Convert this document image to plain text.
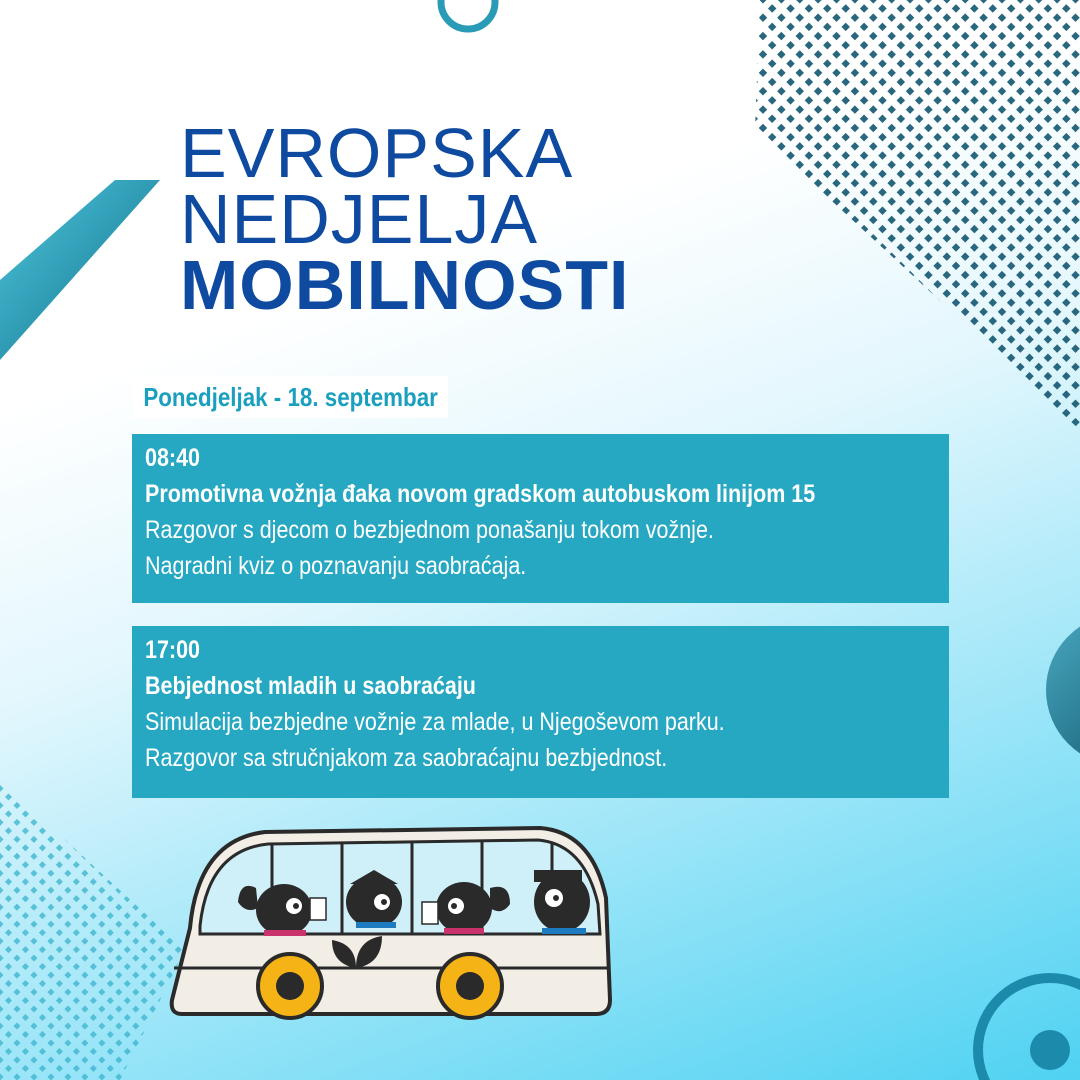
EVROPSKA
NEDJELJA
MOBILNOSTI
Ponedjeljak - 18. septembar
08:40
Promotivna vožnja đaka novom gradskom autobuskom linijom 15
Razgovor s djecom o bezbjednom ponašanju tokom vožnje.
Nagradni kviz o poznavanju saobraćaja.
17:00
Bebjednost mladih u saobraćaju
Simulacija bezbjedne vožnje za mlade, u Njegoševom parku.
Razgovor sa stručnjakom za saobraćajnu bezbjednost.
